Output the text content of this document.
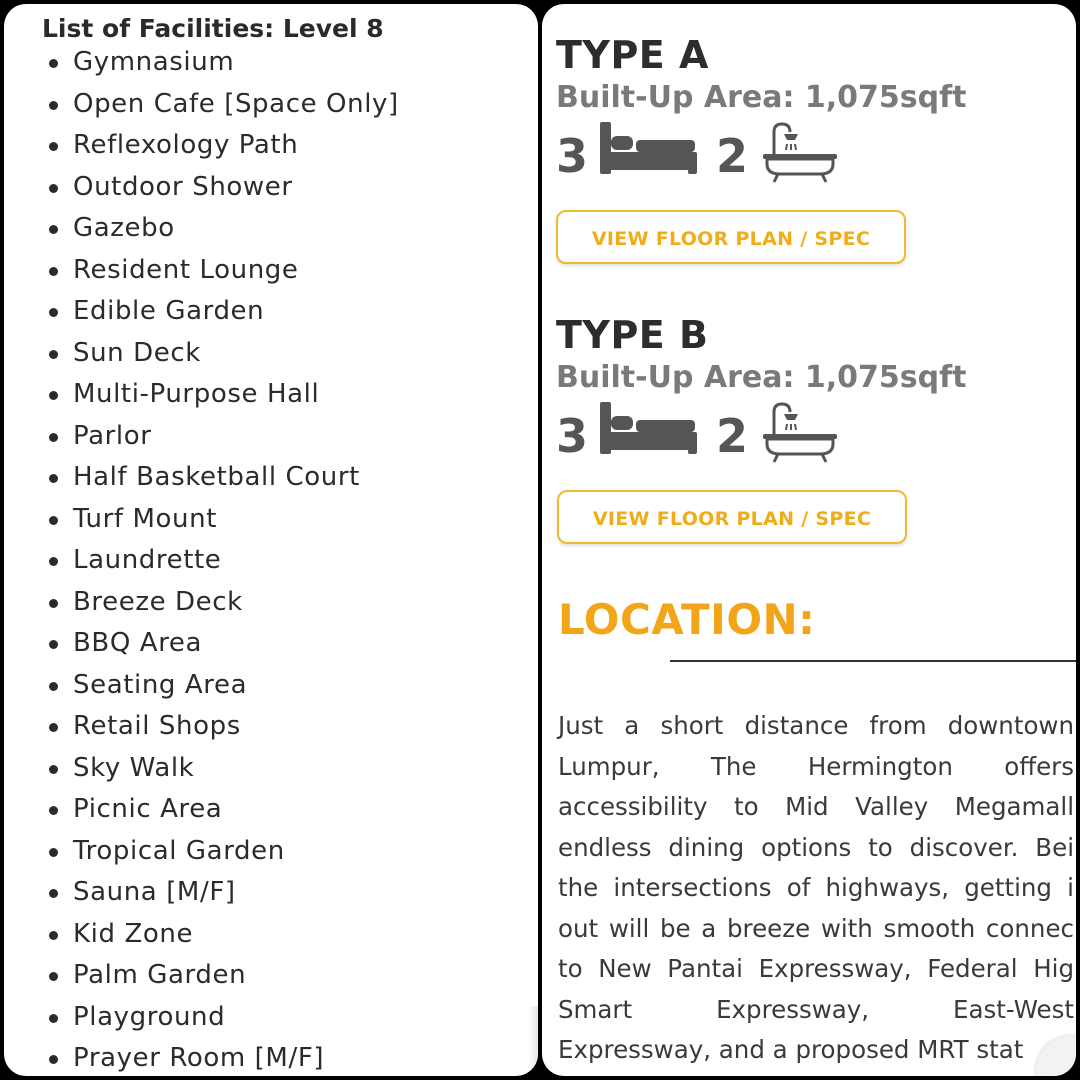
List of Facilities: Level 8
Gymnasium
Open Cafe [Space Only]
Reflexology Path
Outdoor Shower
Gazebo
Resident Lounge
Edible Garden
Sun Deck
Multi-Purpose Hall
Parlor
Half Basketball Court
Turf Mount
Laundrette
Breeze Deck
BBQ Area
Seating Area
Retail Shops
Sky Walk
Picnic Area
Tropical Garden
Sauna [M/F]
Kid Zone
Palm Garden
Playground
Prayer Room [M/F]
TYPE A

Built-Up Area: 1,075sqft

3	2
VIEW FLOOR PLAN / SPEC
TYPE B

Built-Up Area: 1,075sqft

3	2
VIEW FLOOR PLAN / SPEC
LOCATION:

Just a short distance from downtown
Lumpur, The Hermington offers
accessibility to Mid Valley Megamall
endless dining options to discover. Bei
the intersections of highways, getting i
out will be a breeze with smooth connec
to New Pantai Expressway, Federal Hig
Smart Expressway, East-West
Expressway, and a proposed MRT stat
